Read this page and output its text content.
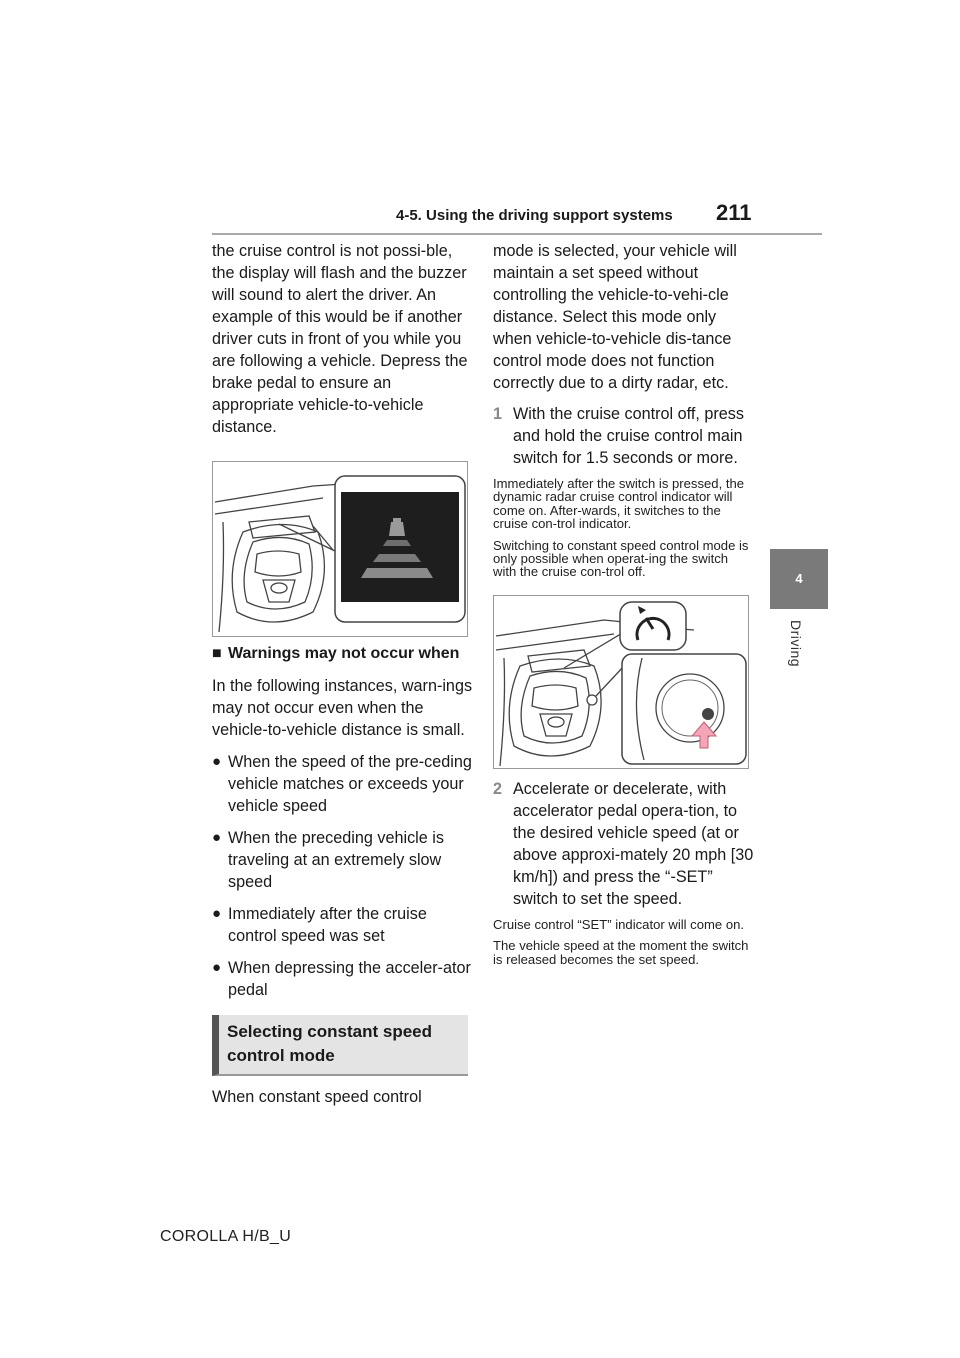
4-5. Using the driving support systems 211
4
Driving

the cruise control is not possi-ble, the display will flash and the buzzer will sound to alert the driver. An example of this would be if another driver cuts in front of you while you are following a vehicle. Depress the brake pedal to ensure an appropriate vehicle-to-vehicle distance.

■ Warnings may not occur when

In the following instances, warn-ings may not occur even when the vehicle-to-vehicle distance is small.

● When the speed of the pre-ceding vehicle matches or exceeds your vehicle speed
● When the preceding vehicle is traveling at an extremely slow speed
● Immediately after the cruise control speed was set
● When depressing the acceler-ator pedal
Selecting constant speed control mode

When constant speed control

mode is selected, your vehicle will maintain a set speed without controlling the vehicle-to-vehi-cle distance. Select this mode only when vehicle-to-vehicle dis-tance control mode does not function correctly due to a dirty radar, etc.

1 With the cruise control off, press and hold the cruise control main switch for 1.5 seconds or more.

Immediately after the switch is pressed, the dynamic radar cruise control indicator will come on. After-wards, it switches to the cruise con-trol indicator.

Switching to constant speed control mode is only possible when operat-ing the switch with the cruise con-trol off.

2 Accelerate or decelerate, with accelerator pedal opera-tion, to the desired vehicle speed (at or above approxi-mately 20 mph [30 km/h]) and press the “-SET” switch to set the speed.

Cruise control “SET” indicator will come on.

The vehicle speed at the moment the switch is released becomes the set speed.

COROLLA H/B_U
